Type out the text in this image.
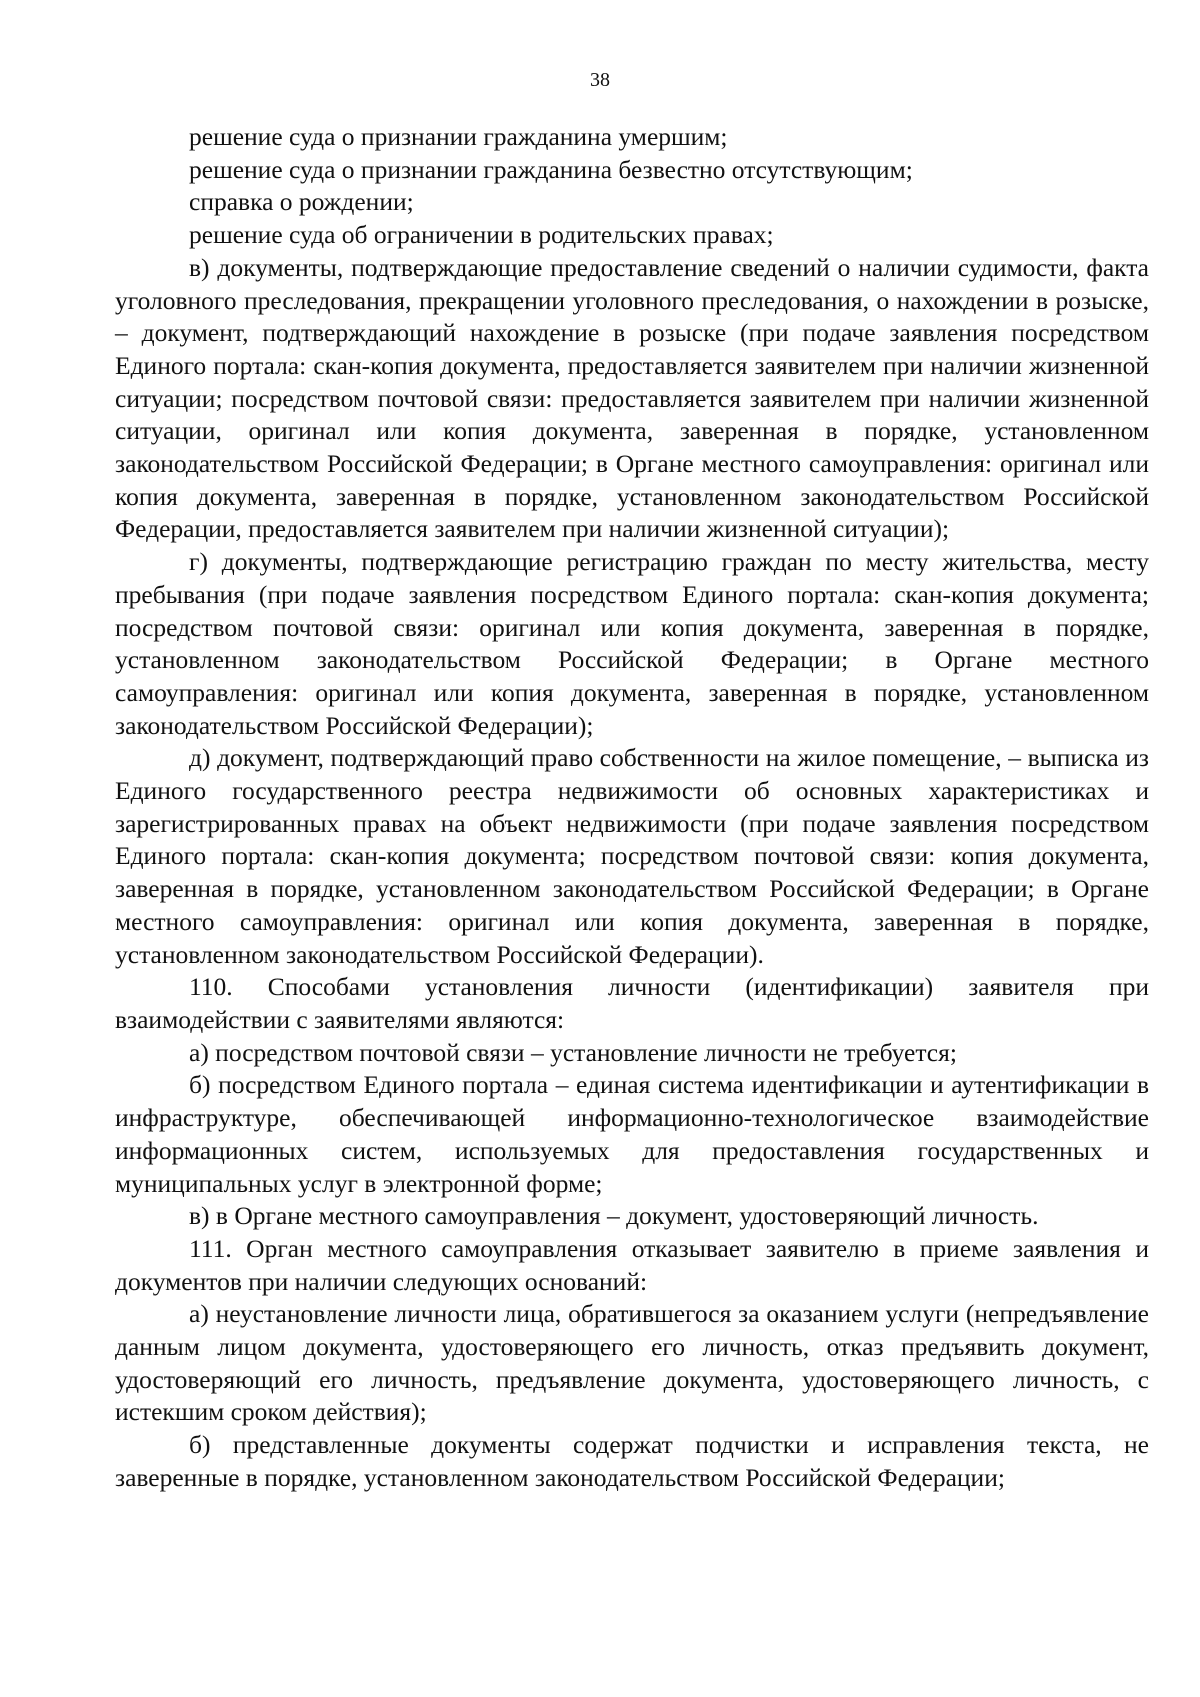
38

решение суда о признании гражданина умершим;

решение суда о признании гражданина безвестно отсутствующим;

справка о рождении;

решение суда об ограничении в родительских правах;

в) документы, подтверждающие предоставление сведений о наличии судимости, факта уголовного преследования, прекращении уголовного преследования, о нахождении в розыске, – документ, подтверждающий нахождение в розыске (при подаче заявления посредством Единого портала: скан-копия документа, предоставляется заявителем при наличии жизненной ситуации; посредством почтовой связи: предоставляется заявителем при наличии жизненной ситуации, оригинал или копия документа, заверенная в порядке, установленном законодательством Российской Федерации; в Органе местного самоуправления: оригинал или копия документа, заверенная в порядке, установленном законодательством Российской Федерации, предоставляется заявителем при наличии жизненной ситуации);

г) документы, подтверждающие регистрацию граждан по месту жительства, месту пребывания (при подаче заявления посредством Единого портала: скан-копия документа; посредством почтовой связи: оригинал или копия документа, заверенная в порядке, установленном законодательством Российской Федерации; в Органе местного самоуправления: оригинал или копия документа, заверенная в порядке, установленном законодательством Российской Федерации);

д) документ, подтверждающий право собственности на жилое помещение, – выписка из Единого государственного реестра недвижимости об основных характеристиках и зарегистрированных правах на объект недвижимости (при подаче заявления посредством Единого портала: скан-копия документа; посредством почтовой связи: копия документа, заверенная в порядке, установленном законодательством Российской Федерации; в Органе местного самоуправления: оригинал или копия документа, заверенная в порядке, установленном законодательством Российской Федерации).

110. Способами установления личности (идентификации) заявителя при взаимодействии с заявителями являются:

а) посредством почтовой связи – установление личности не требуется;

б) посредством Единого портала – единая система идентификации и аутентификации в инфраструктуре, обеспечивающей информационно-технологическое взаимодействие информационных систем, используемых для предоставления государственных и муниципальных услуг в электронной форме;

в) в Органе местного самоуправления – документ, удостоверяющий личность.

111. Орган местного самоуправления отказывает заявителю в приеме заявления и документов при наличии следующих оснований:

а) неустановление личности лица, обратившегося за оказанием услуги (непредъявление данным лицом документа, удостоверяющего его личность, отказ предъявить документ, удостоверяющий его личность, предъявление документа, удостоверяющего личность, с истекшим сроком действия);

б) представленные документы содержат подчистки и исправления текста, не заверенные в порядке, установленном законодательством Российской Федерации;
